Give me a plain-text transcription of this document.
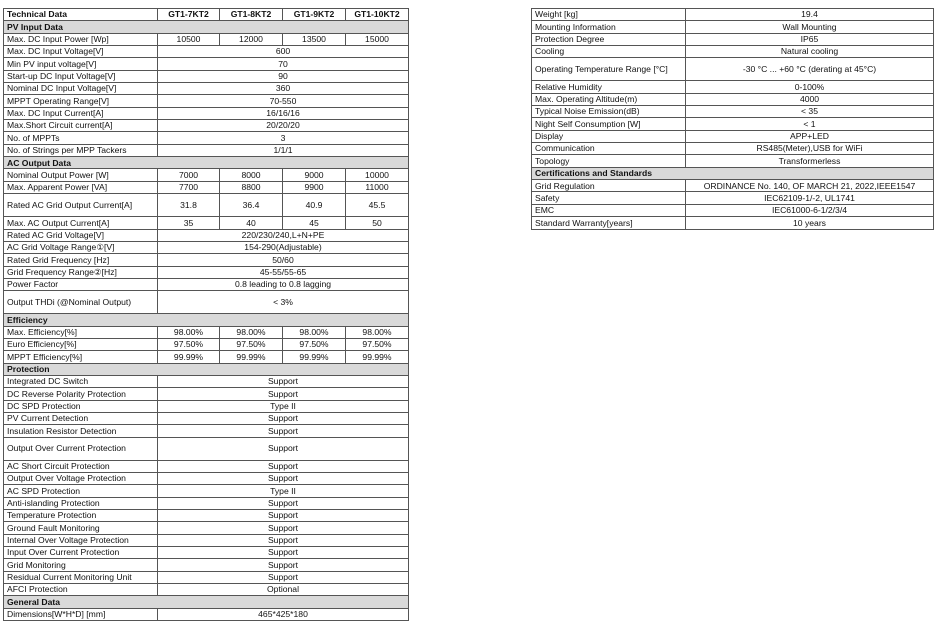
Technical Data	GT1-7KT2	GT1-8KT2	GT1-9KT2	GT1-10KT2
PV Input Data				
Max. DC Input Power [Wp]	10500	12000	13500	15000
Max. DC Input Voltage[V]	600			
Min PV input voltage[V]	70			
Start-up DC Input Voltage[V]	90			
Nominal DC Input Voltage[V]	360			
MPPT Operating Range[V]	70-550			
Max. DC Input Current[A]	16/16/16			
Max.Short Circuit current[A]	20/20/20			
No. of MPPTs	3			
No. of Strings per MPP Tackers	1/1/1			
AC Output Data				
Nominal Output Power [W]	7000	8000	9000	10000
Max. Apparent Power [VA]	7700	8800	9900	11000
Rated AC Grid Output Current[A]	31.8	36.4	40.9	45.5
Max. AC Output Current[A]	35	40	45	50
Rated AC Grid Voltage[V]	220/230/240,L+N+PE			
AC Grid Voltage Range①[V]	154-290(Adjustable)			
Rated Grid Frequency [Hz]	50/60			
Grid Frequency Range②[Hz]	45-55/55-65			
Power Factor	0.8 leading to 0.8 lagging			
Output THDi (@Nominal Output)	< 3%			
Efficiency				
Max. Efficiency[%]	98.00%	98.00%	98.00%	98.00%
Euro Efficiency[%]	97.50%	97.50%	97.50%	97.50%
MPPT Efficiency[%]	99.99%	99.99%	99.99%	99.99%
Protection				
Integrated DC Switch	Support			
DC Reverse Polarity Protection	Support			
DC SPD Protection	Type II			
PV Current Detection	Support			
Insulation Resistor Detection	Support			
Output Over Current Protection	Support			
AC Short Circuit Protection	Support			
Output Over Voltage Protection	Support			
AC SPD Protection	Type II			
Anti-islanding Protection	Support			
Temperature Protection	Support			
Ground Fault Monitoring	Support			
Internal Over Voltage Protection	Support			
Input Over Current Protection	Support			
Grid Monitoring	Support			
Residual Current Monitoring Unit	Support			
AFCI Protection	Optional			
General Data				
Dimensions[W*H*D] [mm]	465*425*180			
Weight [kg]	19.4
Mounting Information	Wall Mounting
Protection Degree	IP65
Cooling	Natural cooling
Operating Temperature Range [°C]	-30 °C ... +60 °C (derating at 45°C)
Relative Humidity	0-100%
Max. Operating Altitude(m)	4000
Typical Noise Emission(dB)	< 35
Night Self Consumption [W]	< 1
Display	APP+LED
Communication	RS485(Meter),USB for WiFi
Topology	Transformerless
Certifications and Standards	
Grid Regulation	ORDINANCE No. 140, OF MARCH 21, 2022,IEEE1547
Safety	IEC62109-1/-2, UL1741
EMC	IEC61000-6-1/2/3/4
Standard Warranty[years]	10 years
